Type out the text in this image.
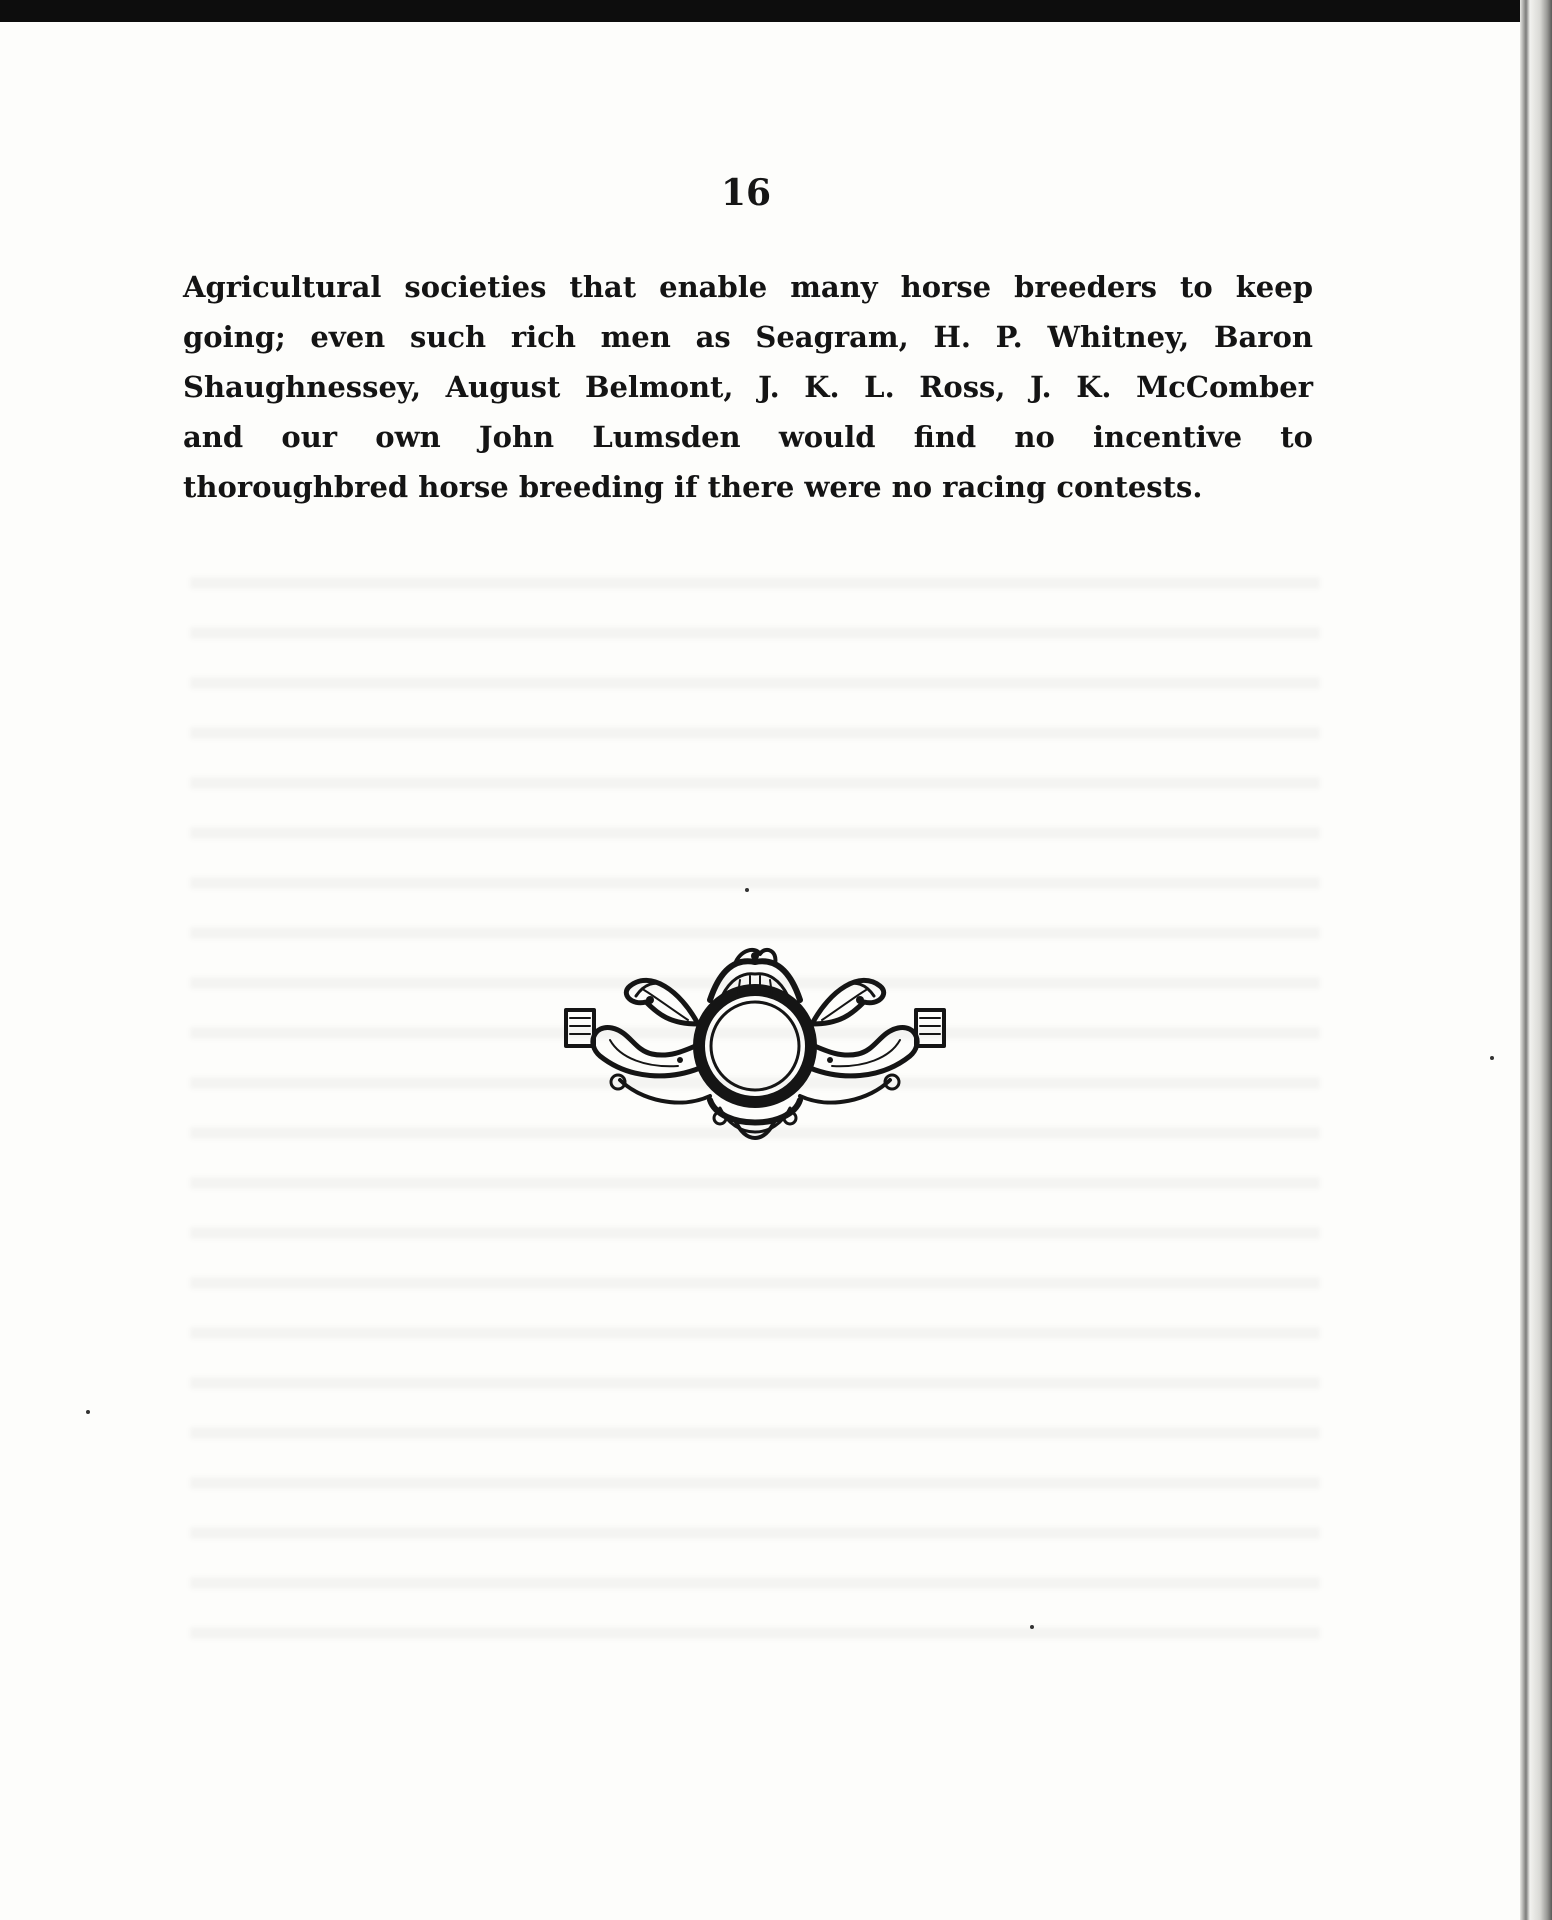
16
Agricultural societies that enable many horse breeders to keep
going; even such rich men as Seagram, H. P. Whitney, Baron
Shaughnessey, August Belmont, J. K. L. Ross, J. K. McComber
and our own John Lumsden would find no incentive to
thoroughbred horse breeding if there were no racing contests.
